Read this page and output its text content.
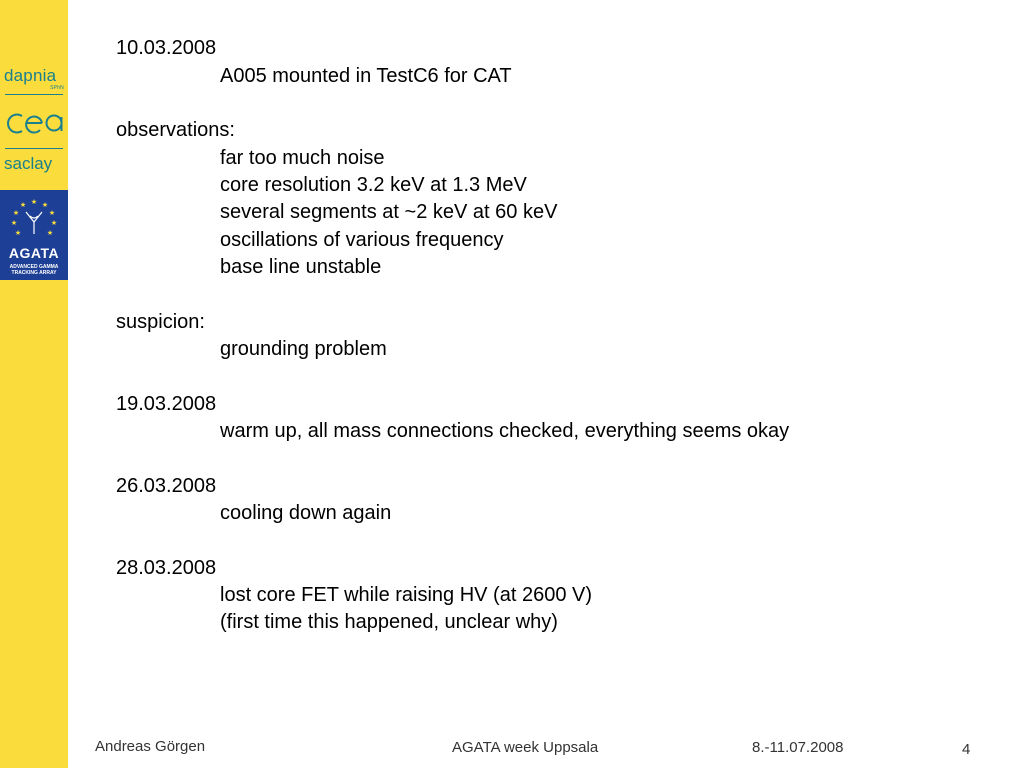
dapnia
SPhN
saclay
★ ★
★
★
★
★
★
★
★
AGATA
ADVANCED GAMMA
TRACKING ARRAY
10.03.2008
A005 mounted in TestC6 for CAT
observations:
far too much noise
core resolution 3.2 keV at 1.3 MeV
several segments at ~2 keV at 60 keV
oscillations of various frequency
base line unstable
suspicion:
grounding problem
19.03.2008
warm up, all mass connections checked, everything seems okay
26.03.2008
cooling down again
28.03.2008
lost core FET while raising HV (at 2600 V)
(first time this happened, unclear why)
Andreas Görgen	AGATA week Uppsala	8.-11.07.2008	4
